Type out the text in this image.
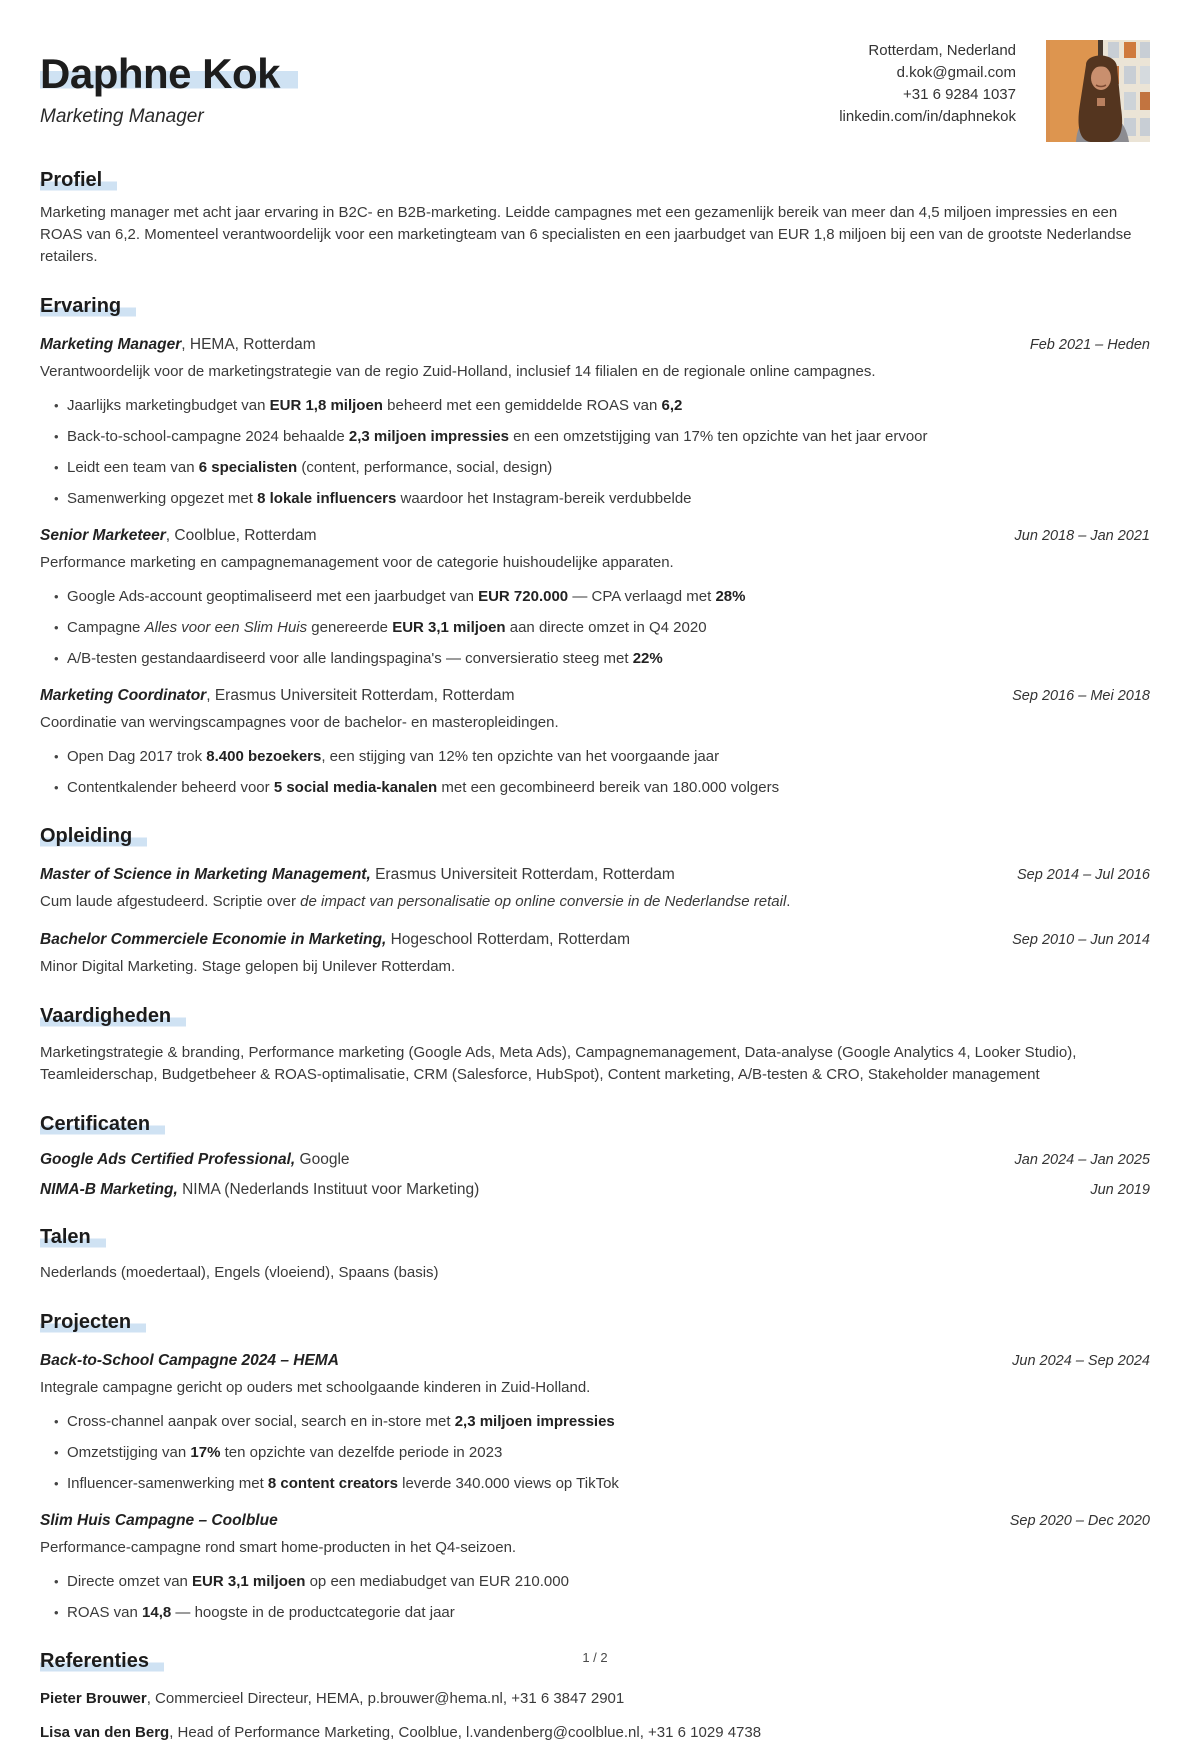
Daphne Kok
Marketing Manager
Rotterdam, Nederland
d.kok@gmail.com
+31 6 9284 1037
linkedin.com/in/daphnekok
Profiel

Marketing manager met acht jaar ervaring in B2C- en B2B-marketing. Leidde campagnes met een gezamenlijk bereik van meer dan 4,5 miljoen impressies en een ROAS van 6,2. Momenteel verantwoordelijk voor een marketingteam van 6 specialisten en een jaarbudget van EUR 1,8 miljoen bij een van de grootste Nederlandse retailers.

Ervaring
Marketing Manager, HEMA, Rotterdam	Feb 2021 – Heden
Verantwoordelijk voor de marketingstrategie van de regio Zuid-Holland, inclusief 14 filialen en de regionale online campagnes.
• Jaarlijks marketingbudget van EUR 1,8 miljoen beheerd met een gemiddelde ROAS van 6,2
• Back-to-school-campagne 2024 behaalde 2,3 miljoen impressies en een omzetstijging van 17% ten opzichte van het jaar ervoor
• Leidt een team van 6 specialisten (content, performance, social, design)
• Samenwerking opgezet met 8 lokale influencers waardoor het Instagram-bereik verdubbelde
Senior Marketeer, Coolblue, Rotterdam	Jun 2018 – Jan 2021
Performance marketing en campagnemanagement voor de categorie huishoudelijke apparaten.
• Google Ads-account geoptimaliseerd met een jaarbudget van EUR 720.000 — CPA verlaagd met 28%
• Campagne Alles voor een Slim Huis genereerde EUR 3,1 miljoen aan directe omzet in Q4 2020
• A/B-testen gestandaardiseerd voor alle landingspagina's — conversieratio steeg met 22%
Marketing Coordinator, Erasmus Universiteit Rotterdam, Rotterdam	Sep 2016 – Mei 2018
Coordinatie van wervingscampagnes voor de bachelor- en masteropleidingen.
• Open Dag 2017 trok 8.400 bezoekers, een stijging van 12% ten opzichte van het voorgaande jaar
• Contentkalender beheerd voor 5 social media-kanalen met een gecombineerd bereik van 180.000 volgers
Opleiding
Master of Science in Marketing Management, Erasmus Universiteit Rotterdam, Rotterdam	Sep 2014 – Jul 2016
Cum laude afgestudeerd. Scriptie over de impact van personalisatie op online conversie in de Nederlandse retail.
Bachelor Commerciele Economie in Marketing, Hogeschool Rotterdam, Rotterdam	Sep 2010 – Jun 2014
Minor Digital Marketing. Stage gelopen bij Unilever Rotterdam.
Vaardigheden

Marketingstrategie & branding, Performance marketing (Google Ads, Meta Ads), Campagnemanagement, Data-analyse (Google Analytics 4, Looker Studio), Teamleiderschap, Budgetbeheer & ROAS-optimalisatie, CRM (Salesforce, HubSpot), Content marketing, A/B-testen & CRO, Stakeholder management

Certificaten
Google Ads Certified Professional, Google	Jan 2024 – Jan 2025
NIMA-B Marketing, NIMA (Nederlands Instituut voor Marketing)	Jun 2019
Talen

Nederlands (moedertaal), Engels (vloeiend), Spaans (basis)

Projecten
Back-to-School Campagne 2024 – HEMA	Jun 2024 – Sep 2024
Integrale campagne gericht op ouders met schoolgaande kinderen in Zuid-Holland.
• Cross-channel aanpak over social, search en in-store met 2,3 miljoen impressies
• Omzetstijging van 17% ten opzichte van dezelfde periode in 2023
• Influencer-samenwerking met 8 content creators leverde 340.000 views op TikTok
Slim Huis Campagne – Coolblue	Sep 2020 – Dec 2020
Performance-campagne rond smart home-producten in het Q4-seizoen.
• Directe omzet van EUR 3,1 miljoen op een mediabudget van EUR 210.000
• ROAS van 14,8 — hoogste in de productcategorie dat jaar
Referenties
Pieter Brouwer, Commercieel Directeur, HEMA, p.brouwer@hema.nl, +31 6 3847 2901
Lisa van den Berg, Head of Performance Marketing, Coolblue, l.vandenberg@coolblue.nl, +31 6 1029 4738
1 / 2
